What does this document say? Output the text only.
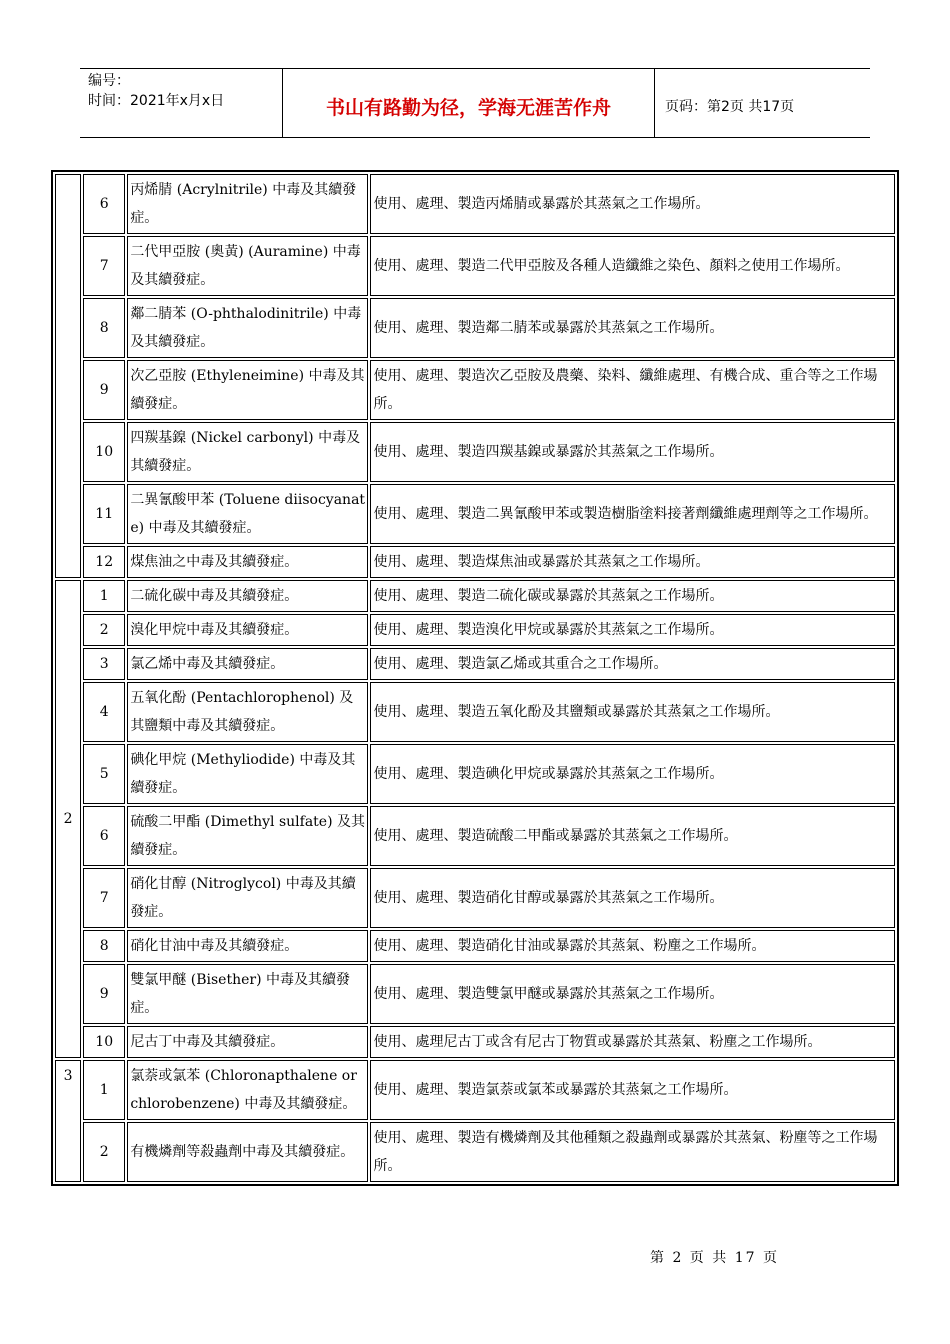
编号：
时间：2021年x月x日	书山有路勤为径，学海无涯苦作舟	页码：第2页 共17页
	6	丙烯腈 (Acrylnitrile) 中毒及其續發症。	使用、處理、製造丙烯腈或暴露於其蒸氣之工作場所。
	7	二代甲亞胺 (奧黃) (Auramine) 中毒及其續發症。	使用、處理、製造二代甲亞胺及各種人造纖維之染色、顏料之使用工作場所。
	8	鄰二腈苯 (O-phthalodinitrile) 中毒及其續發症。	使用、處理、製造鄰二腈苯或暴露於其蒸氣之工作場所。
	9	次乙亞胺 (Ethyleneimine) 中毒及其續發症。	使用、處理、製造次乙亞胺及農藥、染料、纖維處理、有機合成、重合等之工作場所。
	10	四羰基鎳 (Nickel carbonyl) 中毒及其續發症。	使用、處理、製造四羰基鎳或暴露於其蒸氣之工作場所。
	11	二異氰酸甲苯 (Toluene diisocyanate) 中毒及其續發症。	使用、處理、製造二異氰酸甲苯或製造樹脂塗料接著劑纖維處理劑等之工作場所。
	12	煤焦油之中毒及其續發症。	使用、處理、製造煤焦油或暴露於其蒸氣之工作場所。
2	1	二硫化碳中毒及其續發症。	使用、處理、製造二硫化碳或暴露於其蒸氣之工作場所。
	2	溴化甲烷中毒及其續發症。	使用、處理、製造溴化甲烷或暴露於其蒸氣之工作場所。
	3	氯乙烯中毒及其續發症。	使用、處理、製造氯乙烯或其重合之工作場所。
	4	五氧化酚 (Pentachlorophenol) 及其鹽類中毒及其續發症。	使用、處理、製造五氧化酚及其鹽類或暴露於其蒸氣之工作場所。
	5	碘化甲烷 (Methyliodide) 中毒及其續發症。	使用、處理、製造碘化甲烷或暴露於其蒸氣之工作場所。
	6	硫酸二甲酯 (Dimethyl sulfate) 及其續發症。	使用、處理、製造硫酸二甲酯或暴露於其蒸氣之工作場所。
	7	硝化甘醇 (Nitroglycol) 中毒及其續發症。	使用、處理、製造硝化甘醇或暴露於其蒸氣之工作場所。
	8	硝化甘油中毒及其續發症。	使用、處理、製造硝化甘油或暴露於其蒸氣、粉塵之工作場所。
	9	雙氯甲醚 (Bisether) 中毒及其續發症。	使用、處理、製造雙氯甲醚或暴露於其蒸氣之工作場所。
	10	尼古丁中毒及其續發症。	使用、處理尼古丁或含有尼古丁物質或暴露於其蒸氣、粉塵之工作場所。
3	1	氯萘或氯苯 (Chloronapthalene or chlorobenzene) 中毒及其續發症。	使用、處理、製造氯萘或氯苯或暴露於其蒸氣之工作場所。
	2	有機燐劑等殺蟲劑中毒及其續發症。	使用、處理、製造有機燐劑及其他種類之殺蟲劑或暴露於其蒸氣、粉塵等之工作場所。
第 2 页 共 17 页
